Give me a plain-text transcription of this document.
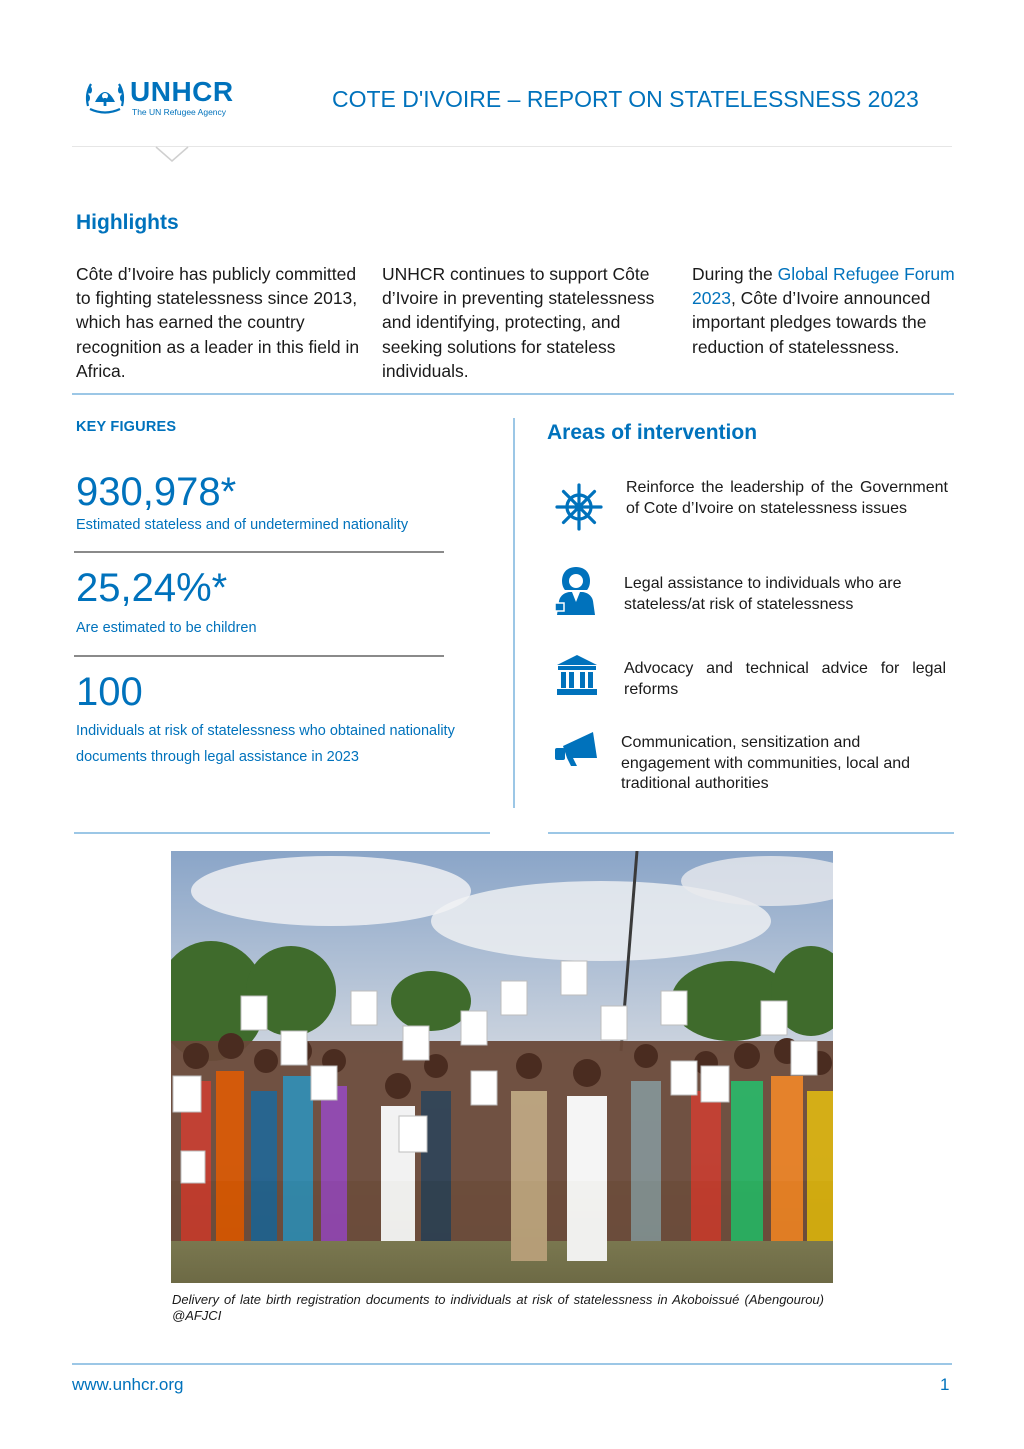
UNHCR
The UN Refugee Agency	COTE D'IVOIRE – REPORT ON STATELESSNESS 2023
Highlights
Côte d’Ivoire has publicly committed to fighting statelessness since 2013, which has earned the country recognition as a leader in this field in Africa.
UNHCR continues to support Côte d’Ivoire in preventing statelessness and identifying, protecting, and seeking solutions for stateless individuals.
During the Global Refugee Forum 2023, Côte d’Ivoire announced important pledges towards the reduction of statelessness.
KEY FIGURES
930,978*
Estimated stateless and of undetermined nationality
25,24%*
Are estimated to be children
100
Individuals at risk of statelessness who obtained nationality documents through legal assistance in 2023
Areas of intervention
Reinforce the leadership of the Government of Cote d’Ivoire on statelessness issues
Legal assistance to individuals who are stateless/at risk of statelessness
Advocacy and technical advice for legal reforms
Communication, sensitization and engagement with communities, local and traditional authorities
Delivery of late birth registration documents to individuals at risk of statelessness in Akoboissué (Abengourou) @AFJCI
www.unhcr.org	1
